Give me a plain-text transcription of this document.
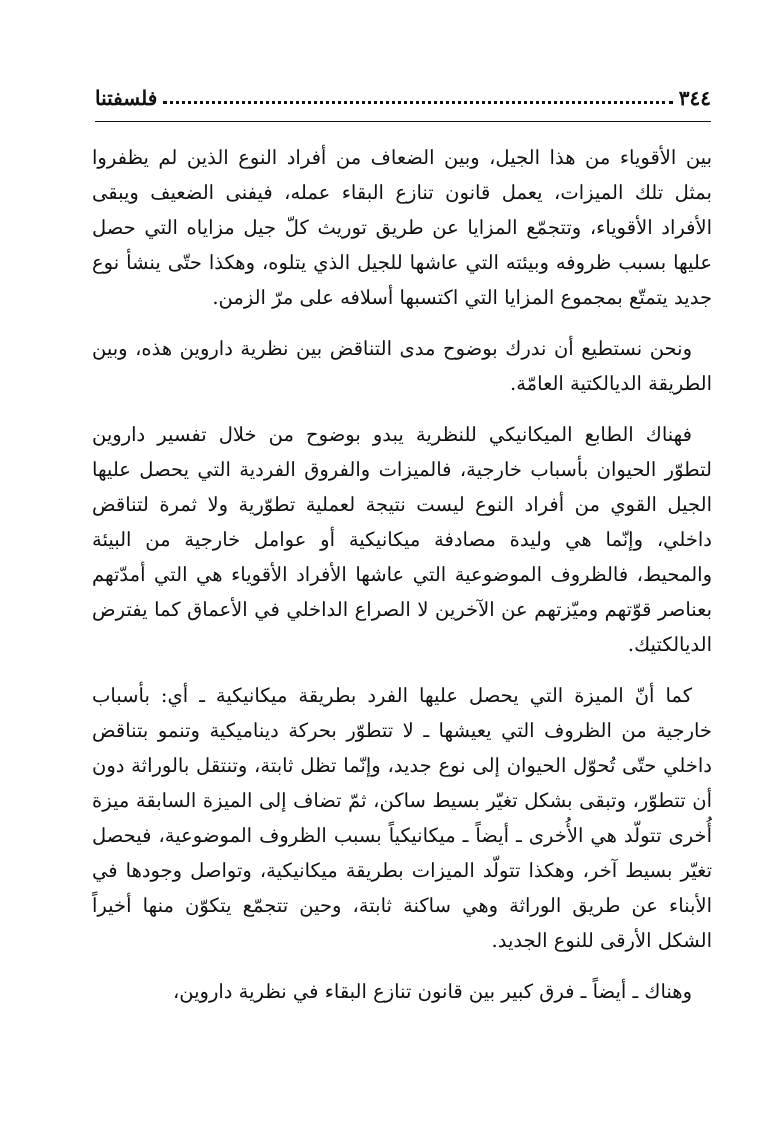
فلسفتنا	٣٤٤

بين الأقوياء من هذا الجيل، وبين الضعاف من أفراد النوع الذين لم يظفروا بمثل تلك الميزات، يعمل قانون تنازع البقاء عمله، فيفنى الضعيف ويبقى الأفراد الأقوياء، وتتجمّع المزايا عن طريق توريث كلّ جيل مزاياه التي حصل عليها بسبب ظروفه وبيئته التي عاشها للجيل الذي يتلوه، وهكذا حتّى ينشأ نوع جديد يتمتّع بمجموع المزايا التي اكتسبها أسلافه على مرّ الزمن.

ونحن نستطيع أن ندرك بوضوح مدى التناقض بين نظرية داروين هذه، وبين الطريقة الديالكتية العامّة.

فهناك الطابع الميكانيكي للنظرية يبدو بوضوح من خلال تفسير داروين لتطوّر الحيوان بأسباب خارجية، فالميزات والفروق الفردية التي يحصل عليها الجيل القوي من أفراد النوع ليست نتيجة لعملية تطوّرية ولا ثمرة لتناقض داخلي، وإنّما هي وليدة مصادفة ميكانيكية أو عوامل خارجية من البيئة والمحيط، فالظروف الموضوعية التي عاشها الأفراد الأقوياء هي التي أمدّتهم بعناصر قوّتهم وميّزتهم عن الآخرين لا الصراع الداخلي في الأعماق كما يفترض الديالكتيك.

كما أنّ الميزة التي يحصل عليها الفرد بطريقة ميكانيكية ـ أي: بأسباب خارجية من الظروف التي يعيشها ـ لا تتطوّر بحركة ديناميكية وتنمو بتناقض داخلي حتّى تُحوّل الحيوان إلى نوع جديد، وإنّما تظل ثابتة، وتنتقل بالوراثة دون أن تتطوّر، وتبقى بشكل تغيّر بسيط ساكن، ثمّ تضاف إلى الميزة السابقة ميزة أُخرى تتولّد هي الأُخرى ـ أيضاً ـ ميكانيكياً بسبب الظروف الموضوعية، فيحصل تغيّر بسيط آخر، وهكذا تتولّد الميزات بطريقة ميكانيكية، وتواصل وجودها في الأبناء عن طريق الوراثة وهي ساكنة ثابتة، وحين تتجمّع يتكوّن منها أخيراً الشكل الأرقى للنوع الجديد.

وهناك ـ أيضاً ـ فرق كبير بين قانون تنازع البقاء في نظرية داروين،
